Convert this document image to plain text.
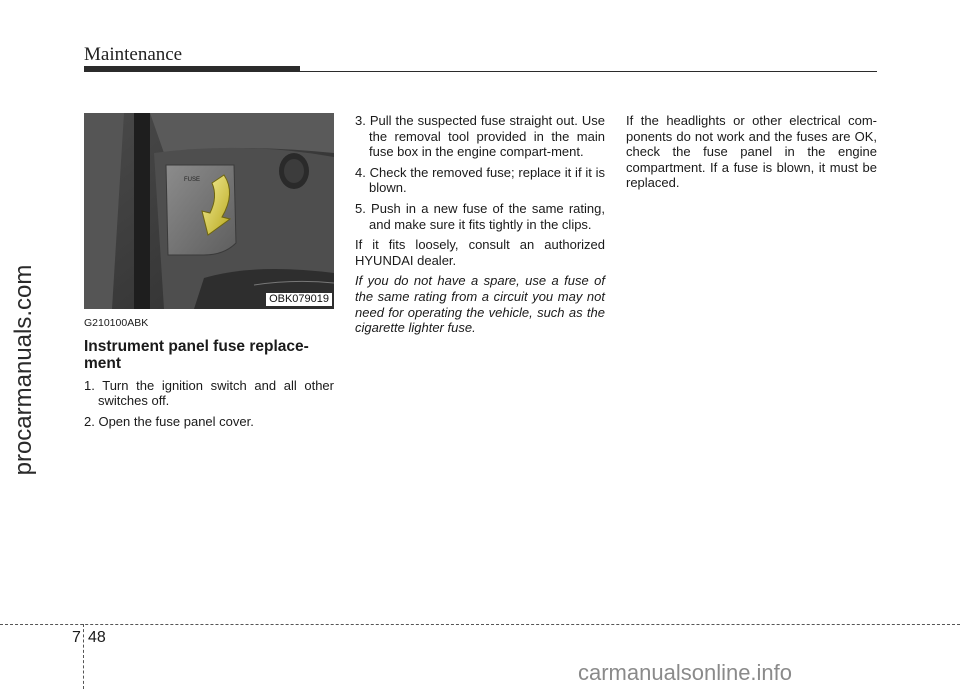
Maintenance
procarmanuals.com
FUSE
OBK079019
G210100ABK
Instrument panel fuse replace-ment
1. Turn the ignition switch and all other switches off.
2. Open the fuse panel cover.
3. Pull the suspected fuse straight out. Use the removal tool provided in the main fuse box in the engine compart-ment.
4. Check the removed fuse; replace it if it is blown.
5. Push in a new fuse of the same rating, and make sure it fits tightly in the clips.
If it fits loosely, consult an authorized HYUNDAI dealer.
If you do not have a spare, use a fuse of the same rating from a circuit you may not need for operating the vehicle, such as the cigarette lighter fuse.
If the headlights or other electrical com-ponents do not work and the fuses are OK, check the fuse panel in the engine compartment. If a fuse is blown, it must be replaced.
7 48
carmanualsonline.info
